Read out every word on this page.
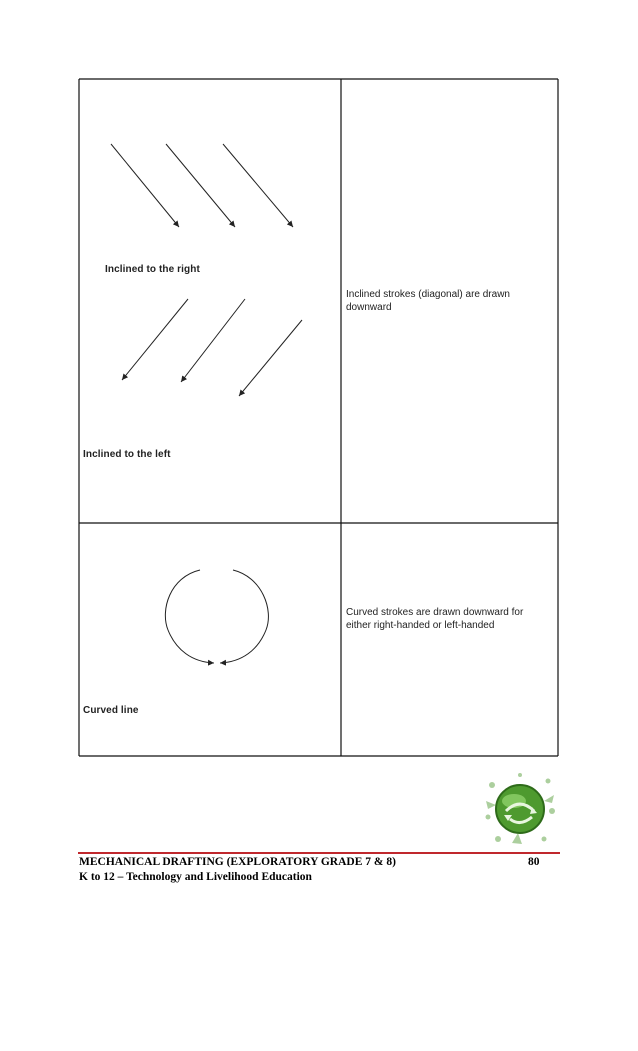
Inclined to the right
Inclined to the left
Inclined strokes (diagonal) are drawn downward
Curved line
Curved strokes are drawn downward for either right-handed or left-handed
MECHANICAL DRAFTING (EXPLORATORY GRADE 7 & 8)	80
K to 12 – Technology and Livelihood Education
